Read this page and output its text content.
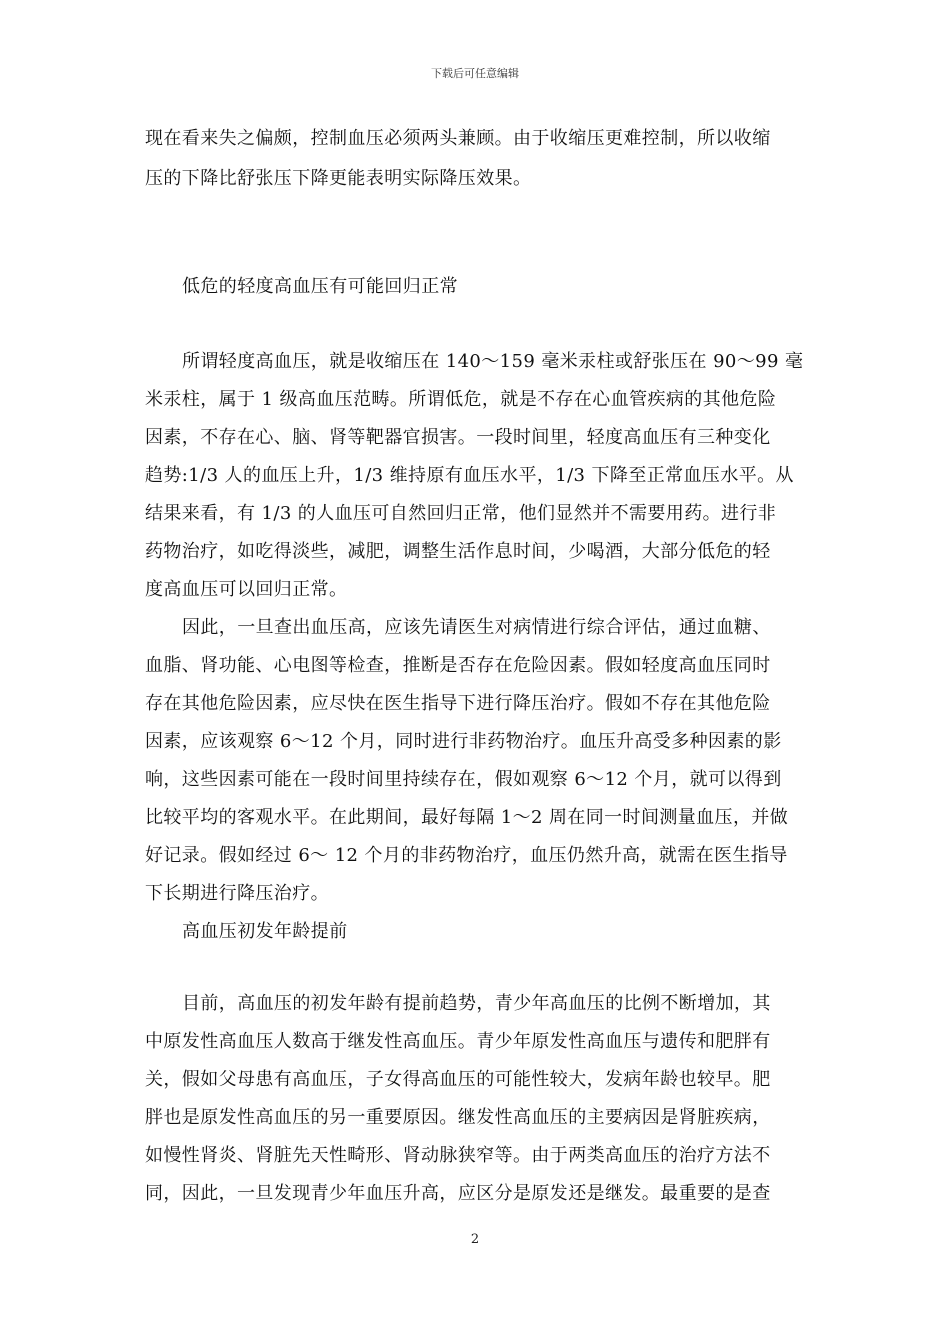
下载后可任意编辑
现在看来失之偏颇，控制血压必须两头兼顾。由于收缩压更难控制，所以收缩
压的下降比舒张压下降更能表明实际降压效果。
低危的轻度高血压有可能回归正常
所谓轻度高血压，就是收缩压在 140～159 毫米汞柱或舒张压在 90～99 毫
米汞柱，属于 1 级高血压范畴。所谓低危，就是不存在心血管疾病的其他危险
因素，不存在心、脑、肾等靶器官损害。一段时间里，轻度高血压有三种变化
趋势:1/3 人的血压上升，1/3 维持原有血压水平，1/3 下降至正常血压水平。从
结果来看，有 1/3 的人血压可自然回归正常，他们显然并不需要用药。进行非
药物治疗，如吃得淡些，减肥，调整生活作息时间，少喝酒，大部分低危的轻
度高血压可以回归正常。
因此，一旦查出血压高，应该先请医生对病情进行综合评估，通过血糖、
血脂、肾功能、心电图等检查，推断是否存在危险因素。假如轻度高血压同时
存在其他危险因素，应尽快在医生指导下进行降压治疗。假如不存在其他危险
因素，应该观察 6～12 个月，同时进行非药物治疗。血压升高受多种因素的影
响，这些因素可能在一段时间里持续存在，假如观察 6～12 个月，就可以得到
比较平均的客观水平。在此期间，最好每隔 1～2 周在同一时间测量血压，并做
好记录。假如经过 6～ 12 个月的非药物治疗，血压仍然升高，就需在医生指导
下长期进行降压治疗。
高血压初发年龄提前
目前，高血压的初发年龄有提前趋势，青少年高血压的比例不断增加，其
中原发性高血压人数高于继发性高血压。青少年原发性高血压与遗传和肥胖有
关，假如父母患有高血压，子女得高血压的可能性较大，发病年龄也较早。肥
胖也是原发性高血压的另一重要原因。继发性高血压的主要病因是肾脏疾病，
如慢性肾炎、肾脏先天性畸形、肾动脉狭窄等。由于两类高血压的治疗方法不
同，因此，一旦发现青少年血压升高，应区分是原发还是继发。最重要的是查
2
